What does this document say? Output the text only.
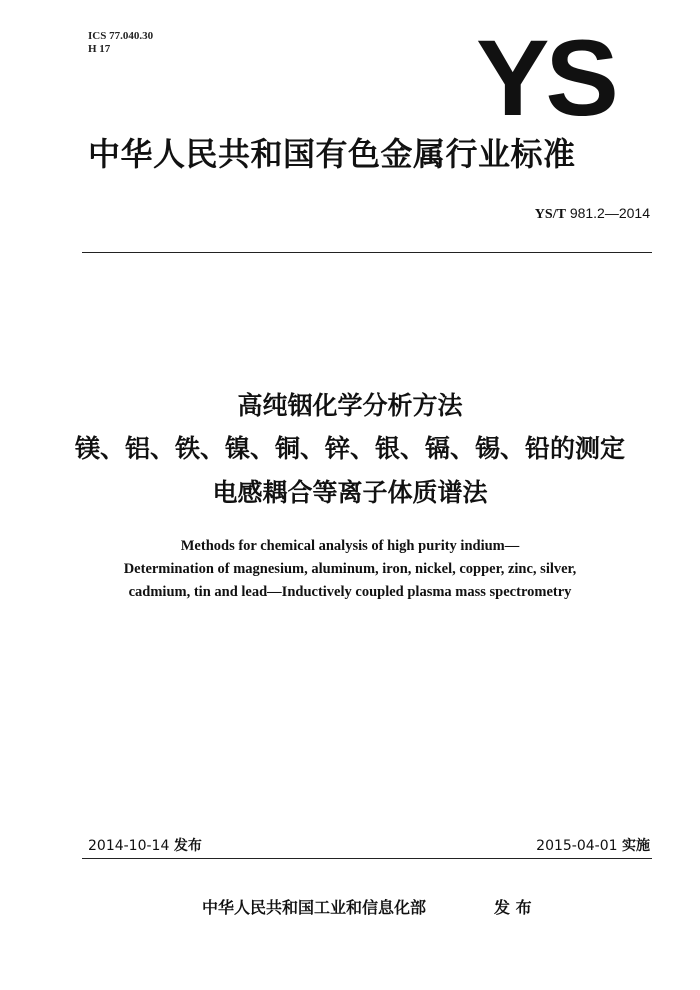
ICS 77.040.30
H 17	YS
中华人民共和国有色金属行业标准
YS/T 981.2—2014
高纯铟化学分析方法
镁、铝、铁、镍、铜、锌、银、镉、锡、铅的测定
电感耦合等离子体质谱法
Methods for chemical analysis of high purity indium—
Determination of magnesium, aluminum, iron, nickel, copper, zinc, silver,
cadmium, tin and lead—Inductively coupled plasma mass spectrometry
2014-10-14 发布	2015-04-01 实施
中华人民共和国工业和信息化部	发 布
